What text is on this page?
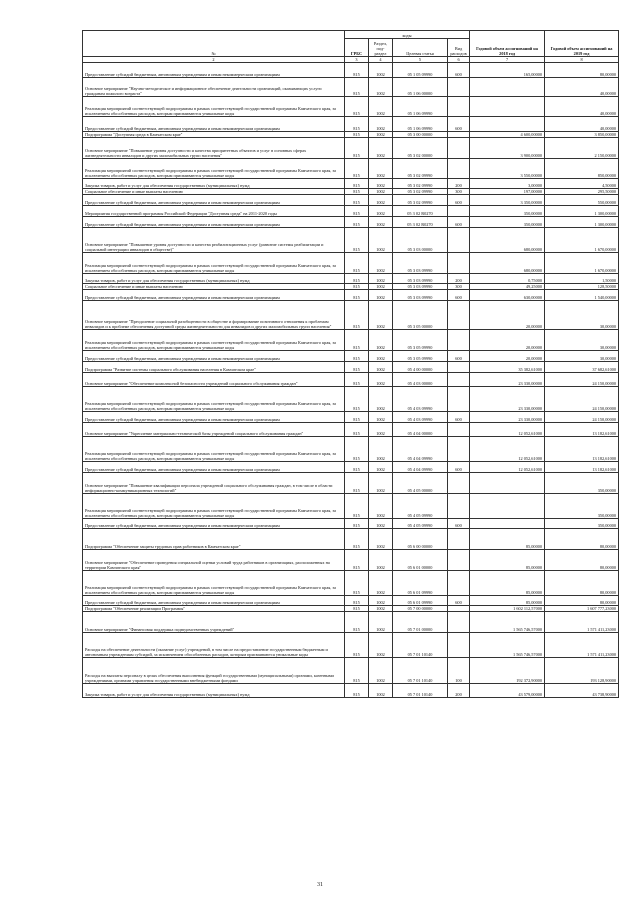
№	коды				Годовой объем ассигнований на 2018 год	Годовой объем ассигнований на 2019 год
	ГРБС	Раздел, под-раздел	Целевая статья	Вид расходов		
2	3	4	5	6	7	8
Предоставление субсидий бюджетным, автономным учреждениям и иным некоммерческим организациям	815	1002	05 1 05 09990	600	165,00000	80,00000
Основное мероприятие "Научно-методическое и информационное обеспечение деятельности организаций, оказывающих услуги гражданам пожилого возраста"	815	1002	05 1 06 00000			40,00000
Реализация мероприятий соответствующей подпрограммы в рамках соответствующей государственной программы Камчатского края, за исключением обособленных расходов, которым присваиваются уникальные коды	815	1002	05 1 06 09990			40,00000
Предоставление субсидий бюджетным, автономным учреждениям и иным некоммерческим организациям	815	1002	05 1 06 09990	600		40,00000
Подпрограмма "Доступная среда в Камчатском крае"	815	1002	05 3 00 00000		4 600,00000	3 850,00000
Основное мероприятие "Повышение уровня доступности и качества приоритетных объектов и услуг в основных сферах жизнедеятельности инвалидов и других маломобильных групп населения"	815	1002	05 3 02 00000		3 900,00000	2 150,00000
Реализация мероприятий соответствующей подпрограммы в рамках соответствующей государственной программы Камчатского края, за исключением обособленных расходов, которым присваиваются уникальные коды	815	1002	05 3 02 09990		3 550,00000	850,00000
Закупка товаров, работ и услуг для обеспечения государственных (муниципальных) нужд	815	1002	05 3 02 09990	200	3,00000	4,50000
Социальное обеспечение и иные выплаты населению	815	1002	05 3 02 09990	300	197,00000	295,50000
Предоставление субсидий бюджетным, автономным учреждениям и иным некоммерческим организациям	815	1002	05 3 02 09990	600	3 350,00000	550,00000
Мероприятия государственной программы Российской Федерации "Доступная среда" на 2011-2020 годы	815	1002	05 3 02 R0270		350,00000	1 300,00000
Предоставление субсидий бюджетным, автономным учреждениям и иным некоммерческим организациям	815	1002	05 3 02 R0270	600	350,00000	1 300,00000
Основное мероприятие "Повышение уровня доступности и качества реабилитационных услуг (развитие системы реабилитации и социальной интеграции инвалидов в обществе)"	815	1002	05 3 03 00000		680,00000	1 670,00000
Реализация мероприятий соответствующей подпрограммы в рамках соответствующей государственной программы Камчатского края, за исключением обособленных расходов, которым присваиваются уникальные коды	815	1002	05 3 03 09990		680,00000	1 670,00000
Закупка товаров, работ и услуг для обеспечения государственных (муниципальных) нужд	815	1002	05 3 03 09990	200	0,75000	1,50000
Социальное обеспечение и иные выплаты населению	815	1002	05 3 03 09990	300	49,25000	128,50000
Предоставление субсидий бюджетным, автономным учреждениям и иным некоммерческим организациям	815	1002	05 3 03 09990	600	630,00000	1 540,00000
Основное мероприятие "Преодоление социальной разобщенности в обществе и формирование позитивного отношения к проблемам инвалидов и к проблеме обеспечения доступной среды жизнедеятельности для инвалидов и других маломобильных групп населения"	815	1002	05 3 05 00000		20,00000	30,00000
Реализация мероприятий соответствующей подпрограммы в рамках соответствующей государственной программы Камчатского края, за исключением обособленных расходов, которым присваиваются уникальные коды	815	1002	05 3 05 09990		20,00000	30,00000
Предоставление субсидий бюджетным, автономным учреждениям и иным некоммерческим организациям	815	1002	05 3 05 09990	600	20,00000	30,00000
Подпрограмма "Развитие системы социального обслуживания населения в Камчатском крае"	815	1002	05 4 00 00000		35 382,61000	37 682,61000
Основное мероприятие "Обеспечение комплексной безопасности учреждений социального обслуживания граждан"	815	1002	05 4 03 00000		23 330,00000	24 150,00000
Реализация мероприятий соответствующей подпрограммы в рамках соответствующей государственной программы Камчатского края, за исключением обособленных расходов, которым присваиваются уникальные коды	815	1002	05 4 03 09990		23 330,00000	24 150,00000
Предоставление субсидий бюджетным, автономным учреждениям и иным некоммерческим организациям	815	1002	05 4 03 09990	600	23 330,00000	24 150,00000
Основное мероприятие "Укрепление материально-технической базы учреждений социального обслуживания граждан"	815	1002	05 4 04 00000		12 052,61000	13 182,61000
Реализация мероприятий соответствующей подпрограммы в рамках соответствующей государственной программы Камчатского края, за исключением обособленных расходов, которым присваиваются уникальные коды	815	1002	05 4 04 09990		12 052,61000	13 182,61000
Предоставление субсидий бюджетным, автономным учреждениям и иным некоммерческим организациям	815	1002	05 4 04 09990	600	12 052,61000	13 182,61000
Основное мероприятие "Повышение квалификации персонала учреждений социального обслуживания граждан, в том числе в области информационно-коммуникационных технологий"	815	1002	05 4 05 00000			350,00000
Реализация мероприятий соответствующей подпрограммы в рамках соответствующей государственной программы Камчатского края, за исключением обособленных расходов, которым присваиваются уникальные коды	815	1002	05 4 05 09990			350,00000
Предоставление субсидий бюджетным, автономным учреждениям и иным некоммерческим организациям	815	1002	05 4 05 09990	600		350,00000
Подпрограмма "Обеспечение защиты трудовых прав работников в Камчатском крае"	815	1002	05 6 00 00000		85,00000	80,00000
Основное мероприятие "Обеспечение проведения специальной оценки условий труда работников в организациях, расположенных на территории Камчатского края"	815	1002	05 6 01 00000		85,00000	80,00000
Реализация мероприятий соответствующей подпрограммы в рамках соответствующей государственной программы Камчатского края, за исключением обособленных расходов, которым присваиваются уникальные коды	815	1002	05 6 01 09990		85,00000	80,00000
Предоставление субсидий бюджетным, автономным учреждениям и иным некоммерческим организациям	815	1002	05 6 01 09990	600	85,00000	80,00000
Подпрограмма "Обеспечение реализации Программы"	815	1002	05 7 00 00000		1 602 112,57000	1 607 777,23000
Основное мероприятие "Финансовая поддержка подведомственных учреждений"	815	1002	05 7 01 00000		1 565 746,57000	1 571 411,23000
Расходы на обеспечение деятельности (оказание услуг) учреждений, в том числе на предоставление государственным бюджетным и автономным учреждениям субсидий, за исключением обособленных расходов, которым присваиваются уникальные коды	815	1002	05 7 01 10140		1 565 746,57000	1 571 411,23000
Расходы на выплаты персоналу в целях обеспечения выполнения функций государственными (муниципальными) органами, казенными учреждениями, органами управления государственными внебюджетными фондами	815	1002	05 7 01 10140	100	192 372,90000	193 128,90000
Закупка товаров, работ и услуг для обеспечения государственных (муниципальных) нужд	815	1002	05 7 01 10140	200	43 579,00000	43 738,90000
31
